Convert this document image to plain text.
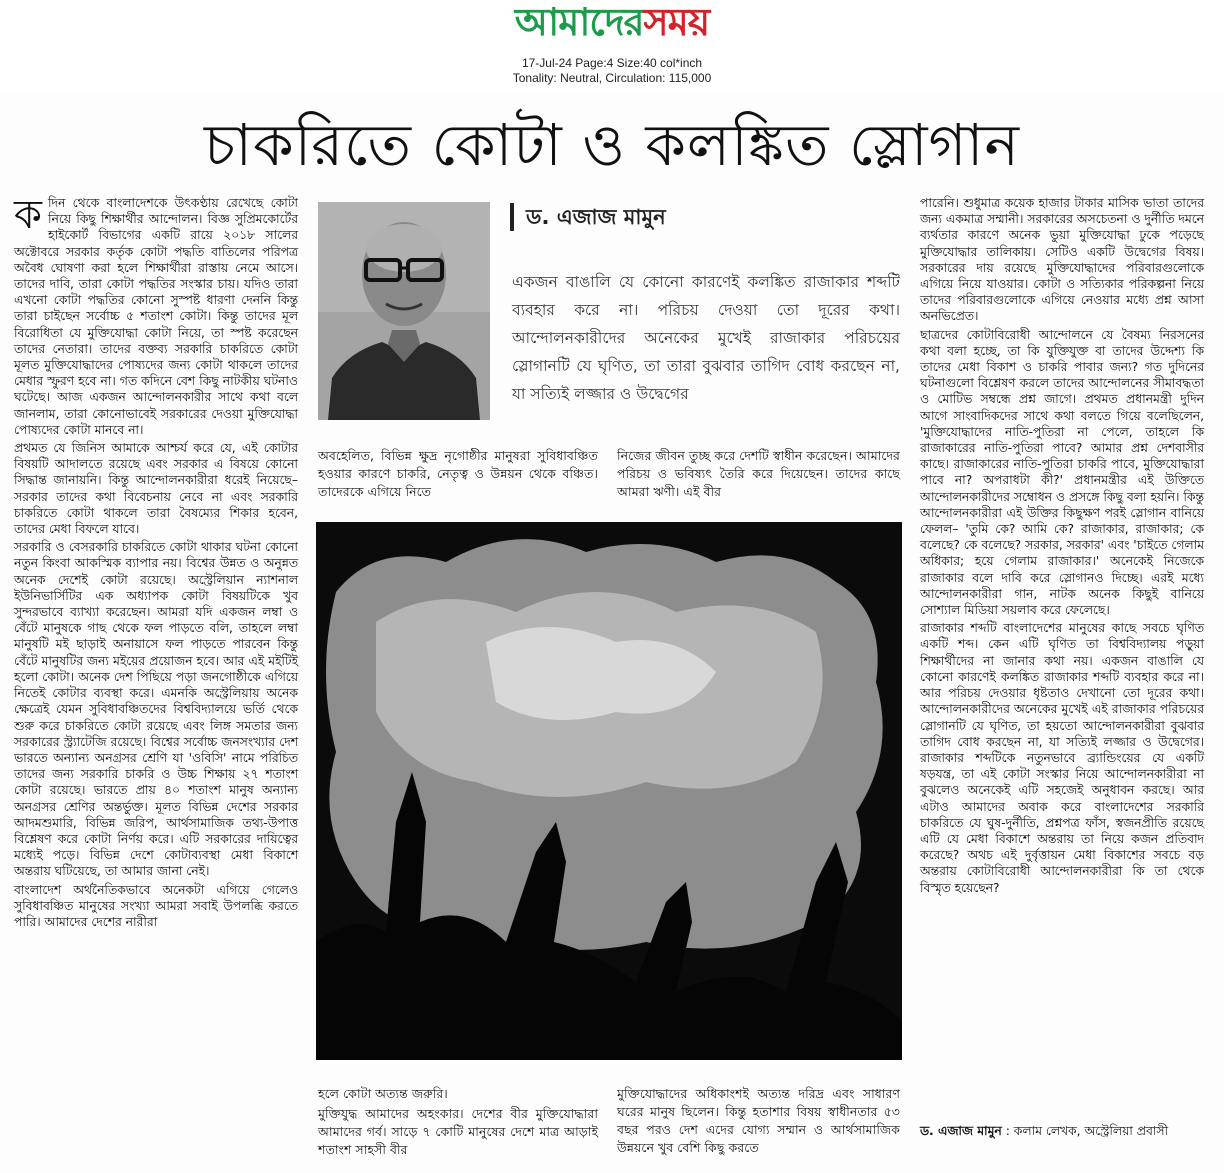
আমাদেরসময়
17-Jul-24 Page:4 Size:40 col*inch
Tonality: Neutral, Circulation: 115,000
চাকরিতে কোটা ও কলঙ্কিত স্লোগান

কদিন থেকে বাংলাদেশকে উৎকণ্ঠায় রেখেছে কোটা নিয়ে কিছু শিক্ষার্থীর আন্দোলন। বিজ্ঞ সুপ্রিমকোর্টের হাইকোর্ট বিভাগের একটি রায়ে ২০১৮ সালের অক্টোবরে সরকার কর্তৃক কোটা পদ্ধতি বাতিলের পরিপত্র অবৈধ ঘোষণা করা হলে শিক্ষার্থীরা রাস্তায় নেমে আসে। তাদের দাবি, তারা কোটা পদ্ধতির সংস্কার চায়। যদিও তারা এখনো কোটা পদ্ধতির কোনো সুস্পষ্ট ধারণা দেননি কিন্তু তারা চাইছেন সর্বোচ্চ ৫ শতাংশ কোটা। কিন্তু তাদের মূল বিরোধিতা যে মুক্তিযোদ্ধা কোটা নিয়ে, তা স্পষ্ট করেছেন তাদের নেতারা। তাদের বক্তব্য সরকারি চাকরিতে কোটা মূলত মুক্তিযোদ্ধাদের পোষ্যদের জন্য কোটা থাকলে তাদের মেধার স্ফুরণ হবে না। গত কদিনে বেশ কিছু নাটকীয় ঘটনাও ঘটেছে। আজ একজন আন্দোলনকারীর সাথে কথা বলে জানলাম, তারা কোনোভাবেই সরকারের দেওয়া মুক্তিযোদ্ধা পোষ্যদের কোটা মানবে না।

প্রথমত যে জিনিস আমাকে আশ্চর্য করে যে, এই কোটার বিষয়টি আদালতে রয়েছে এবং সরকার এ বিষয়ে কোনো সিদ্ধান্ত জানায়নি। কিন্তু আন্দোলনকারীরা ধরেই নিয়েছে– সরকার তাদের কথা বিবেচনায় নেবে না এবং সরকারি চাকরিতে কোটা থাকলে তারা বৈষম্যের শিকার হবেন, তাদের মেধা বিফলে যাবে।

সরকারি ও বেসরকারি চাকরিতে কোটা থাকার ঘটনা কোনো নতুন কিংবা আকস্মিক ব্যাপার নয়। বিশ্বের উন্নত ও অনুন্নত অনেক দেশেই কোটা রয়েছে। অস্ট্রেলিয়ান ন্যাশনাল ইউনিভার্সিটির এক অধ্যাপক কোটা বিষয়টিকে খুব সুন্দরভাবে ব্যাখ্যা করেছেন। আমরা যদি একজন লম্বা ও বেঁটে মানুষকে গাছ থেকে ফল পাড়তে বলি, তাহলে লম্বা মানুষটি মই ছাড়াই অনায়াসে ফল পাড়তে পারবেন কিন্তু বেঁটে মানুষটির জন্য মইয়ের প্রয়োজন হবে। আর এই মইটিই হলো কোটা। অনেক দেশ পিছিয়ে পড়া জনগোষ্ঠীকে এগিয়ে নিতেই কোটার ব্যবস্থা করে। এমনকি অস্ট্রেলিয়ায় অনেক ক্ষেত্রেই যেমন সুবিধাবঞ্চিতদের বিশ্ববিদ্যালয়ে ভর্তি থেকে শুরু করে চাকরিতে কোটা রয়েছে এবং লিঙ্গ সমতার জন্য সরকারের স্ট্র্যাটেজি রয়েছে। বিশ্বের সর্বোচ্চ জনসংখ্যার দেশ ভারতে অন্যান্য অনগ্রসর শ্রেণি যা 'ওবিসি' নামে পরিচিত তাদের জন্য সরকারি চাকরি ও উচ্চ শিক্ষায় ২৭ শতাংশ কোটা রয়েছে। ভারতে প্রায় ৪০ শতাংশ মানুষ অন্যান্য অনগ্রসর শ্রেণির অন্তর্ভুক্ত। মূলত বিভিন্ন দেশের সরকার আদমশুমারি, বিভিন্ন জরিপ, আর্থসামাজিক তথ্য-উপাত্ত বিশ্লেষণ করে কোটা নির্ণয় করে। এটি সরকারের দায়িত্বের মধ্যেই পড়ে। বিভিন্ন দেশে কোটাব্যবস্থা মেধা বিকাশে অন্তরায় ঘটিয়েছে, তা আমার জানা নেই।

বাংলাদেশ অর্থনৈতিকভাবে অনেকটা এগিয়ে গেলেও সুবিধাবঞ্চিত মানুষের সংখ্যা আমরা সবাই উপলব্ধি করতে পারি। আমাদের দেশের নারীরা

ড. এজাজ মামুন
একজন বাঙালি যে কোনো কারণেই কলঙ্কিত রাজাকার শব্দটি ব্যবহার করে না। পরিচয় দেওয়া তো দূরের কথা। আন্দোলনকারীদের অনেকের মুখেই রাজাকার পরিচয়ের স্লোগানটি যে ঘৃণিত, তা তারা বুঝবার তাগিদ বোধ করছেন না, যা সত্যিই লজ্জার ও উদ্বেগের

অবহেলিত, বিভিন্ন ক্ষুদ্র নৃগোষ্ঠীর মানুষরা সুবিধাবঞ্চিত হওয়ার কারণে চাকরি, নেতৃত্ব ও উন্নয়ন থেকে বঞ্চিত। তাদেরকে এগিয়ে নিতে

নিজের জীবন তুচ্ছ করে দেশটি স্বাধীন করেছেন। আমাদের পরিচয় ও ভবিষ্যৎ তৈরি করে দিয়েছেন। তাদের কাছে আমরা ঋণী। এই বীর

হলে কোটা অত্যন্ত জরুরি।

মুক্তিযুদ্ধ আমাদের অহংকার। দেশের বীর মুক্তিযোদ্ধারা আমাদের গর্ব। সাড়ে ৭ কোটি মানুষের দেশে মাত্র আড়াই শতাংশ সাহসী বীর

মুক্তিযোদ্ধাদের অধিকাংশই অত্যন্ত দরিদ্র এবং সাধারণ ঘরের মানুষ ছিলেন। কিন্তু হতাশার বিষয় স্বাধীনতার ৫৩ বছর পরও দেশ এদের যোগ্য সম্মান ও আর্থসামাজিক উন্নয়নে খুব বেশি কিছু করতে

পারেনি। শুধুমাত্র কয়েক হাজার টাকার মাসিক ভাতা তাদের জন্য একমাত্র সম্মানী। সরকারের অসচেতনা ও দুর্নীতি দমনে ব্যর্থতার কারণে অনেক ভুয়া মুক্তিযোদ্ধা ঢুকে পড়েছে মুক্তিযোদ্ধার তালিকায়। সেটিও একটি উদ্বেগের বিষয়। সরকারের দায় রয়েছে মুক্তিযোদ্ধাদের পরিবারগুলোকে এগিয়ে নিয়ে যাওয়ার। কোটা ও সত্যিকার পরিকল্পনা নিয়ে তাদের পরিবারগুলোকে এগিয়ে নেওয়ার মধ্যে প্রশ্ন আসা অনভিপ্রেত।

ছাত্রদের কোটাবিরোধী আন্দোলনে যে বৈষম্য নিরসনের কথা বলা হচ্ছে, তা কি যুক্তিযুক্ত বা তাদের উদ্দেশ্য কি তাদের মেধা বিকাশ ও চাকরি পাবার জন্য? গত দুদিনের ঘটনাগুলো বিশ্লেষণ করলে তাদের আন্দোলনের সীমাবদ্ধতা ও মোটিভ সম্বন্ধে প্রশ্ন জাগে। প্রথমত প্রধানমন্ত্রী দুদিন আগে সাংবাদিকদের সাথে কথা বলতে গিয়ে বলেছিলেন, 'মুক্তিযোদ্ধাদের নাতি-পুতিরা না পেলে, তাহলে কি রাজাকারের নাতি-পুতিরা পাবে? আমার প্রশ্ন দেশবাসীর কাছে। রাজাকারের নাতি-পুতিরা চাকরি পাবে, মুক্তিযোদ্ধারা পাবে না? অপরাধটা কী?' প্রধানমন্ত্রীর এই উক্তিতে আন্দোলনকারীদের সম্বোধন ও প্রসঙ্গে কিছু বলা হয়নি। কিন্তু আন্দোলনকারীরা এই উক্তির কিছুক্ষণ পরই স্লোগান বানিয়ে ফেলল– 'তুমি কে? আমি কে? রাজাকার, রাজাকার; কে বলেছে? কে বলেছে? সরকার, সরকার' এবং 'চাইতে গেলাম অধিকার; হয়ে গেলাম রাজাকার।' অনেকেই নিজেকে রাজাকার বলে দাবি করে স্লোগানও দিচ্ছে। এরই মধ্যে আন্দোলনকারীরা গান, নাটক অনেক কিছুই বানিয়ে সোশ্যাল মিডিয়া সয়লাব করে ফেলেছে।

রাজাকার শব্দটি বাংলাদেশের মানুষের কাছে সবচে ঘৃণিত একটি শব্দ। কেন এটি ঘৃণিত তা বিশ্ববিদ্যালয় পড়ুয়া শিক্ষার্থীদের না জানার কথা নয়। একজন বাঙালি যে কোনো কারণেই কলঙ্কিত রাজাকার শব্দটি ব্যবহার করে না। আর পরিচয় দেওয়ার ধৃষ্টতাও দেখানো তো দূরের কথা। আন্দোলনকারীদের অনেকের মুখেই এই রাজাকার পরিচয়ের স্লোগানটি যে ঘৃণিত, তা হয়তো আন্দোলনকারীরা বুঝবার তাগিদ বোধ করছেন না, যা সত্যিই লজ্জার ও উদ্বেগের। রাজাকার শব্দটিকে নতুনভাবে ব্র্যান্ডিংয়ের যে একটি ষড়যন্ত্র, তা এই কোটা সংস্কার নিয়ে আন্দোলনকারীরা না বুঝলেও অনেকেই এটি সহজেই অনুধাবন করছে। আর এটাও আমাদের অবাক করে বাংলাদেশের সরকারি চাকরিতে যে ঘুষ-দুর্নীতি, প্রশ্নপত্র ফাঁস, স্বজনপ্রীতি রয়েছে এটি যে মেধা বিকাশে অন্তরায় তা নিয়ে কজন প্রতিবাদ করেছে? অথচ এই দুর্বৃত্তায়ন মেধা বিকাশের সবচে বড় অন্তরায় কোটাবিরোধী আন্দোলনকারীরা কি তা থেকে বিস্মৃত হয়েছেন?

ড. এজাজ মামুন : কলাম লেখক, অস্ট্রেলিয়া প্রবাসী
